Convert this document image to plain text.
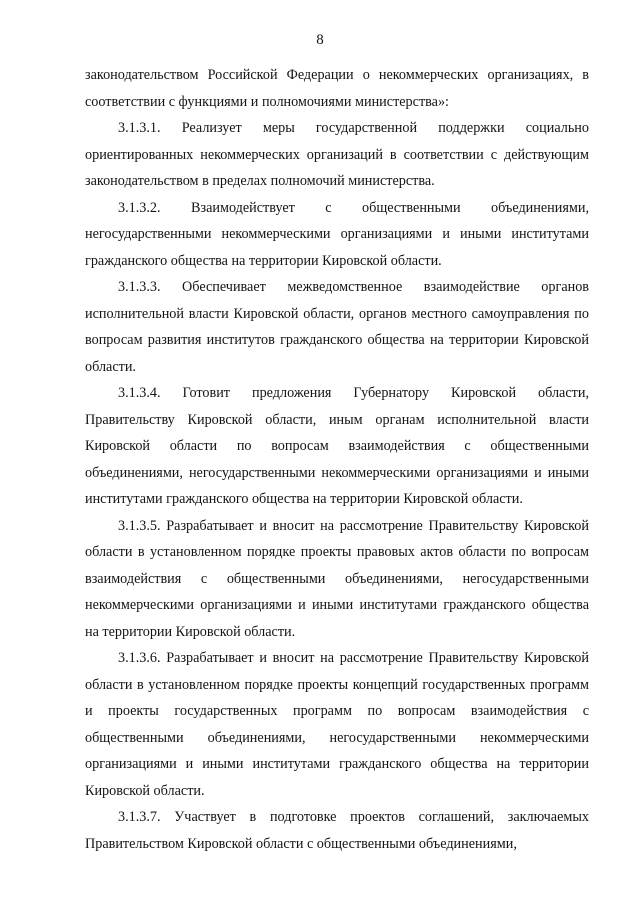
8

законодательством Российской Федерации о некоммерческих организациях, в соответствии с функциями и полномочиями министерства»:

3.1.3.1. Реализует меры государственной поддержки социально ориентированных некоммерческих организаций в соответствии с действующим законодательством в пределах полномочий министерства.

3.1.3.2. Взаимодействует с общественными объединениями, негосударственными некоммерческими организациями и иными институтами гражданского общества на территории Кировской области.

3.1.3.3. Обеспечивает межведомственное взаимодействие органов исполнительной власти Кировской области, органов местного самоуправления по вопросам развития институтов гражданского общества на территории Кировской области.

3.1.3.4. Готовит предложения Губернатору Кировской области, Правительству Кировской области, иным органам исполнительной власти Кировской области по вопросам взаимодействия с общественными объединениями, негосударственными некоммерческими организациями и иными институтами гражданского общества на территории Кировской области.

3.1.3.5. Разрабатывает и вносит на рассмотрение Правительству Кировской области в установленном порядке проекты правовых актов области по вопросам взаимодействия с общественными объединениями, негосударственными некоммерческими организациями и иными институтами гражданского общества на территории Кировской области.

3.1.3.6. Разрабатывает и вносит на рассмотрение Правительству Кировской области в установленном порядке проекты концепций государственных программ и проекты государственных программ по вопросам взаимодействия с общественными объединениями, негосударственными некоммерческими организациями и иными институтами гражданского общества на территории Кировской области.

3.1.3.7. Участвует в подготовке проектов соглашений, заключаемых Правительством Кировской области с общественными объединениями,
